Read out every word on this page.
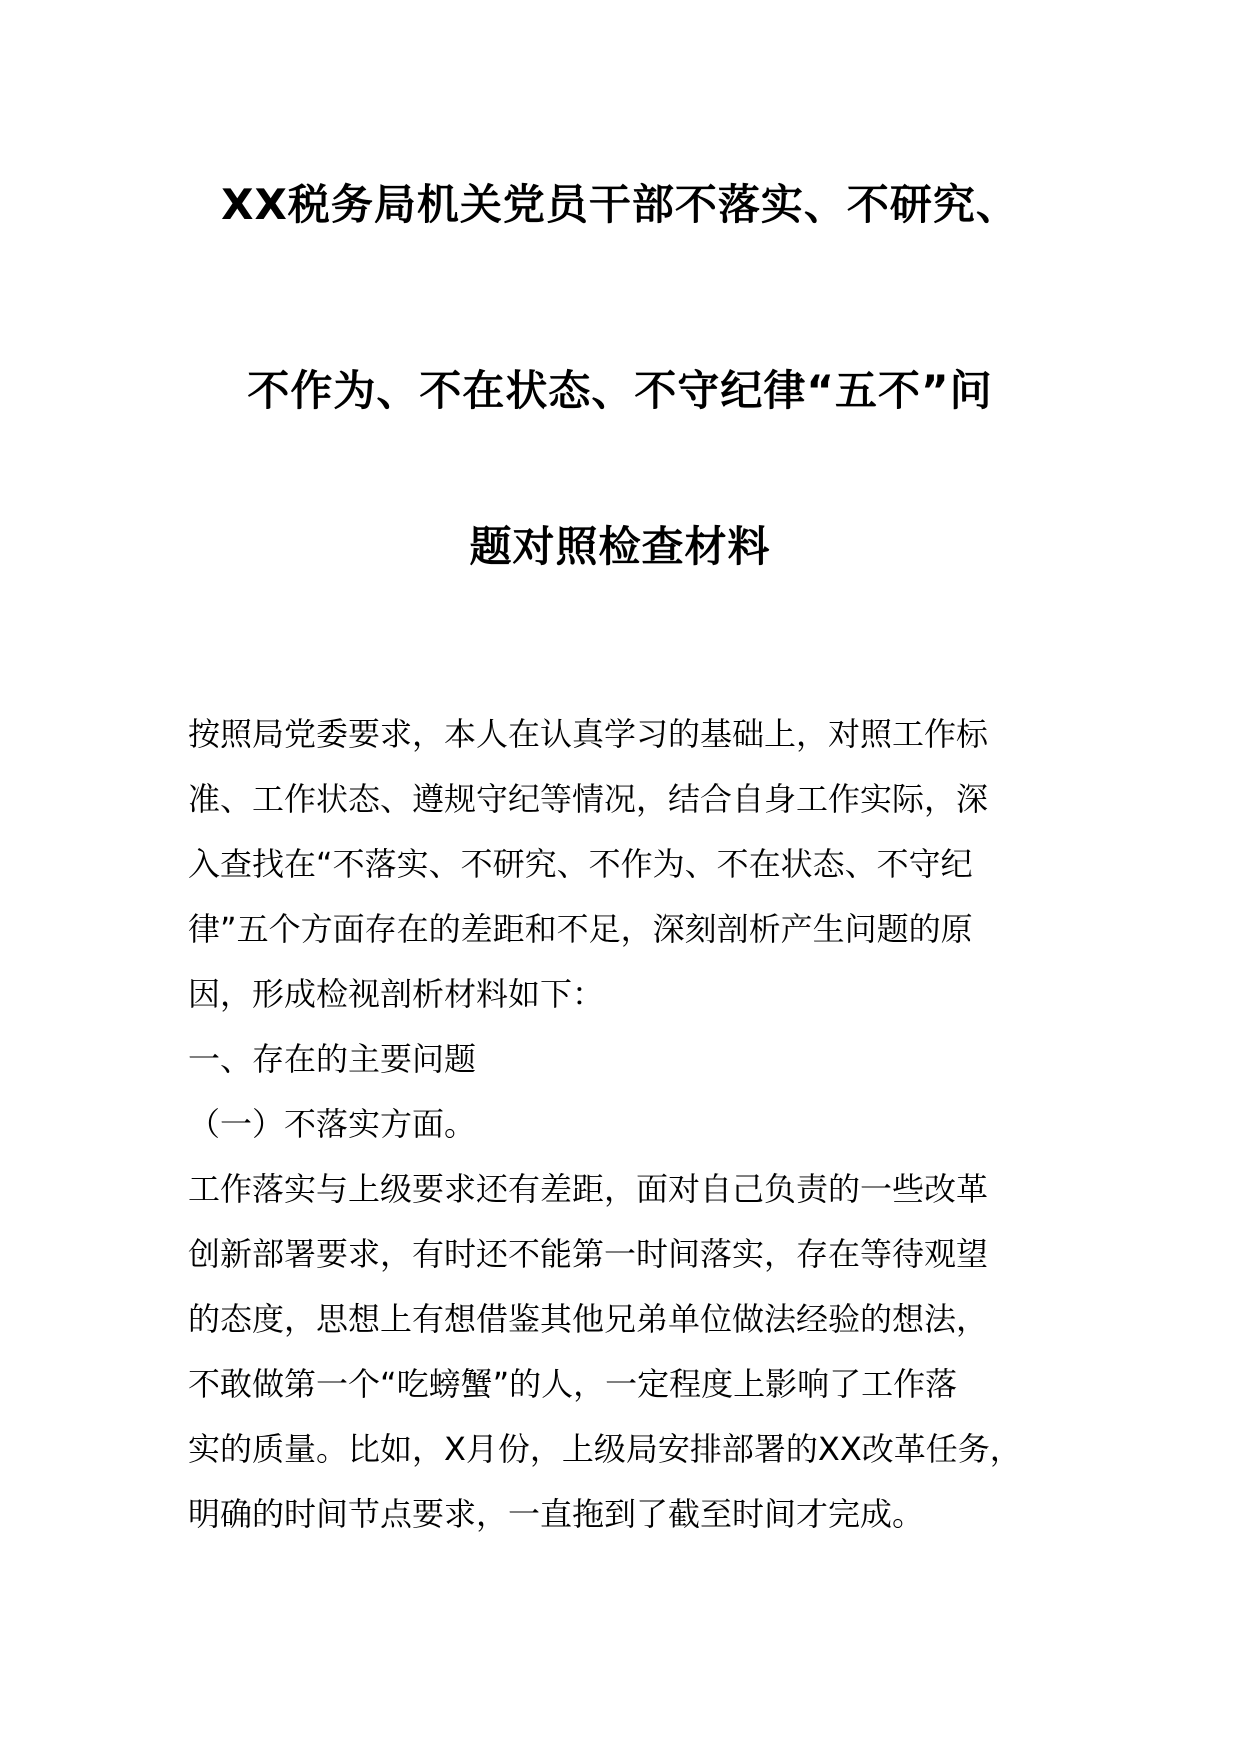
XX税务局机关党员干部不落实、不研究、
不作为、不在状态、不守纪律“五不”问
题对照检查材料
按照局党委要求，本人在认真学习的基础上，对照工作标
准、工作状态、遵规守纪等情况，结合自身工作实际，深
入查找在“不落实、不研究、不作为、不在状态、不守纪
律”五个方面存在的差距和不足，深刻剖析产生问题的原
因，形成检视剖析材料如下：
一、存在的主要问题
（一）不落实方面。
工作落实与上级要求还有差距，面对自己负责的一些改革
创新部署要求，有时还不能第一时间落实，存在等待观望
的态度，思想上有想借鉴其他兄弟单位做法经验的想法，
不敢做第一个“吃螃蟹”的人，一定程度上影响了工作落
实的质量。比如，X月份，上级局安排部署的XX改革任务，
明确的时间节点要求，一直拖到了截至时间才完成。
